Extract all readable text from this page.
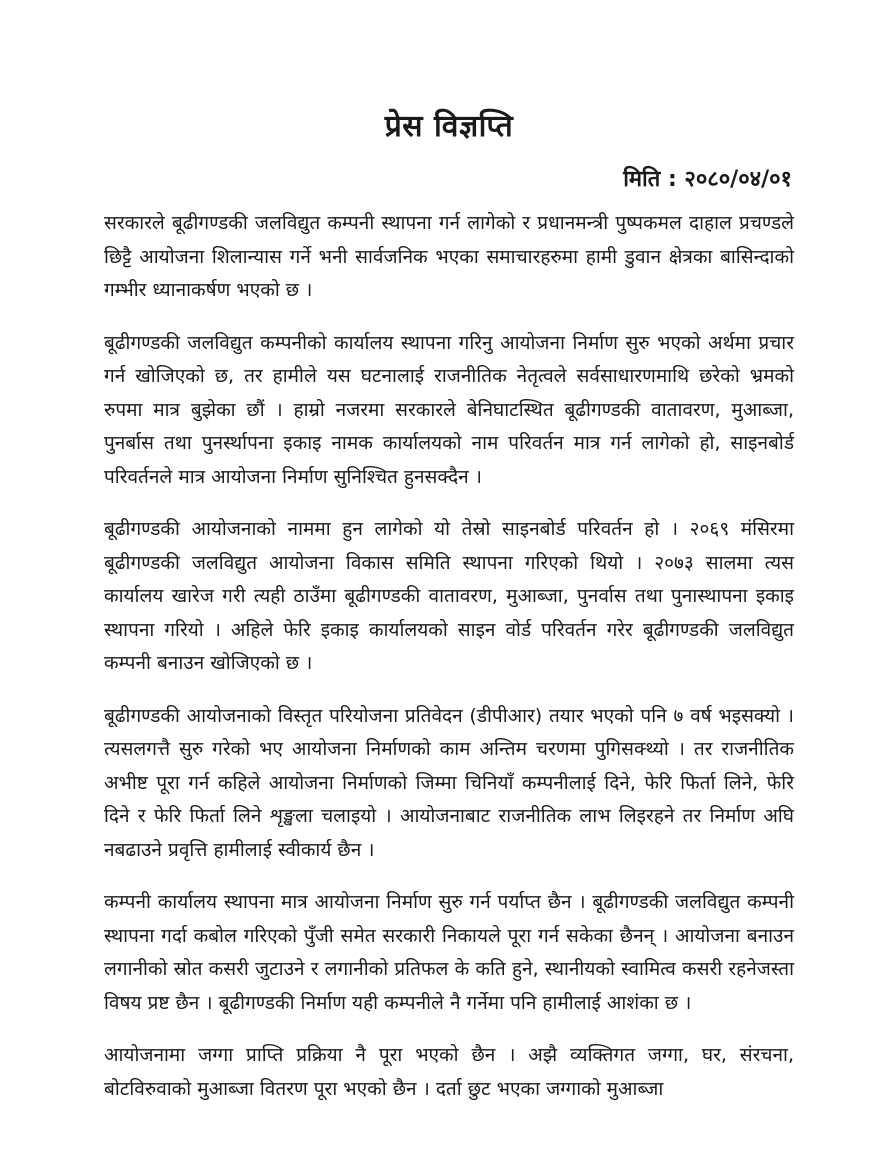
प्रेस विज्ञप्ति
मिति : २०८०/०४/०१

सरकारले बूढीगण्डकी जलविद्युत कम्पनी स्थापना गर्न लागेको र प्रधानमन्त्री पुष्पकमल दाहाल प्रचण्डले छिट्टै आयोजना शिलान्यास गर्ने भनी सार्वजनिक भएका समाचारहरुमा हामी डुवान क्षेत्रका बासिन्दाको गम्भीर ध्यानाकर्षण भएको छ ।

बूढीगण्डकी जलविद्युत कम्पनीको कार्यालय स्थापना गरिनु आयोजना निर्माण सुरु भएको अर्थमा प्रचार गर्न खोजिएको छ, तर हामीले यस घटनालाई राजनीतिक नेतृत्वले सर्वसाधारणमाथि छरेको भ्रमको रुपमा मात्र बुझेका छौं । हाम्रो नजरमा सरकारले बेनिघाटस्थित बूढीगण्डकी वातावरण, मुआब्जा, पुनर्बास तथा पुनर्स्थापना इकाइ नामक कार्यालयको नाम परिवर्तन मात्र गर्न लागेको हो, साइनबोर्ड परिवर्तनले मात्र आयोजना निर्माण सुनिश्चित हुनसक्दैन ।

बूढीगण्डकी आयोजनाको नाममा हुन लागेको यो तेस्रो साइनबोर्ड परिवर्तन हो । २०६९ मंसिरमा बूढीगण्डकी जलविद्युत आयोजना विकास समिति स्थापना गरिएको थियो । २०७३ सालमा त्यस कार्यालय खारेज गरी त्यही ठाउँमा बूढीगण्डकी वातावरण, मुआब्जा, पुनर्वास तथा पुनास्थापना इकाइ स्थापना गरियो । अहिले फेरि इकाइ कार्यालयको साइन वोर्ड परिवर्तन गरेर बूढीगण्डकी जलविद्युत कम्पनी बनाउन खोजिएको छ ।

बूढीगण्डकी आयोजनाको विस्तृत परियोजना प्रतिवेदन (डीपीआर) तयार भएको पनि ७ वर्ष भइसक्यो । त्यसलगत्तै सुरु गरेको भए आयोजना निर्माणको काम अन्तिम चरणमा पुगिसक्थ्यो । तर राजनीतिक अभीष्ट पूरा गर्न कहिले आयोजना निर्माणको जिम्मा चिनियाँ कम्पनीलाई दिने, फेरि फिर्ता लिने, फेरि दिने र फेरि फिर्ता लिने शृङ्खला चलाइयो । आयोजनाबाट राजनीतिक लाभ लिइरहने तर निर्माण अघि नबढाउने प्रवृत्ति हामीलाई स्वीकार्य छैन ।

कम्पनी कार्यालय स्थापना मात्र आयोजना निर्माण सुरु गर्न पर्याप्त छैन । बूढीगण्डकी जलविद्युत कम्पनी स्थापना गर्दा कबोल गरिएको पुँजी समेत सरकारी निकायले पूरा गर्न सकेका छैनन् । आयोजना बनाउन लगानीको स्रोत कसरी जुटाउने र लगानीको प्रतिफल के कति हुने, स्थानीयको स्वामित्व कसरी रहनेजस्ता विषय प्रष्ट छैन । बूढीगण्डकी निर्माण यही कम्पनीले नै गर्नेमा पनि हामीलाई आशंका छ ।

आयोजनामा जग्गा प्राप्ति प्रक्रिया नै पूरा भएको छैन । अझै व्यक्तिगत जग्गा, घर, संरचना, बोटविरुवाको मुआब्जा वितरण पूरा भएको छैन । दर्ता छुट भएका जग्गाको मुआब्जा
